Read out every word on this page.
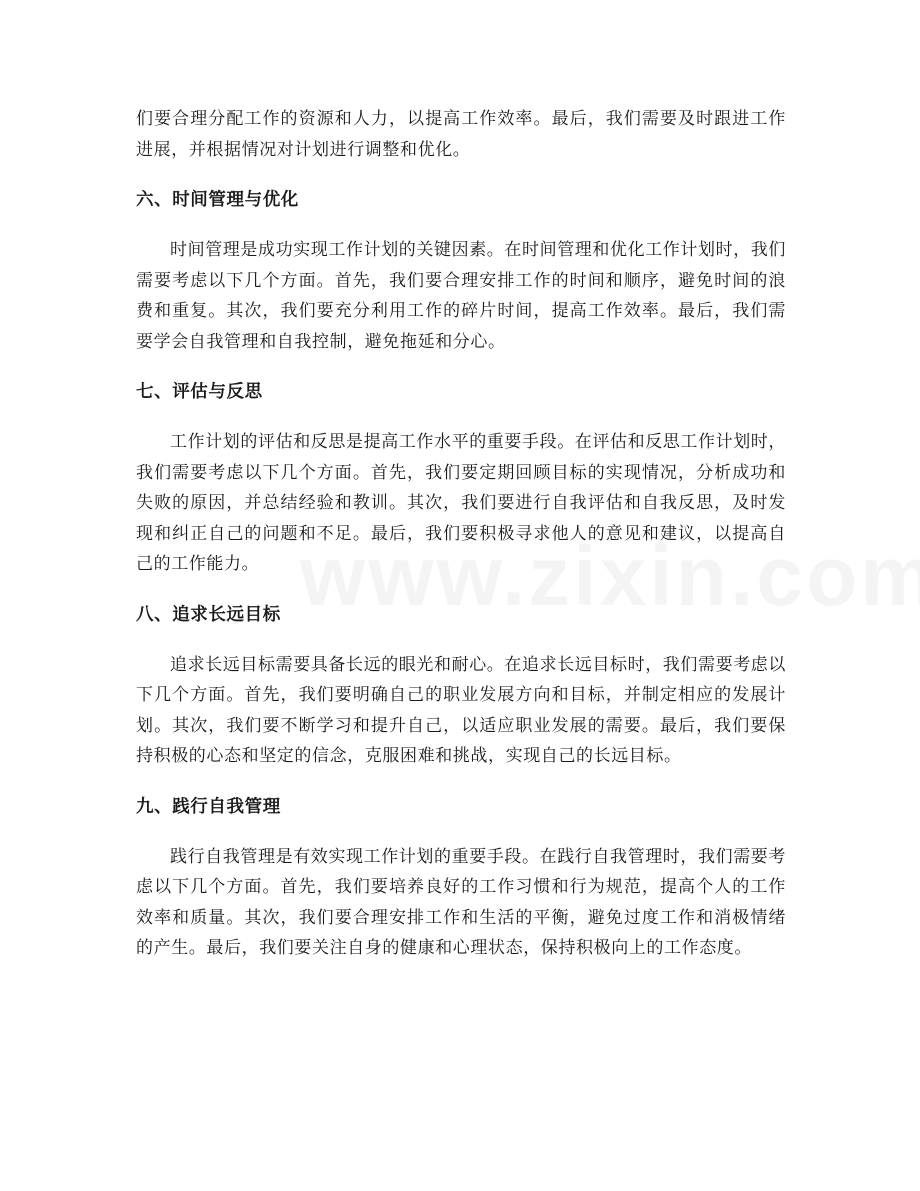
们要合理分配工作的资源和人力，以提高工作效率。最后，我们需要及时跟进工作进展，并根据情况对计划进行调整和优化。

六、时间管理与优化

时间管理是成功实现工作计划的关键因素。在时间管理和优化工作计划时，我们需要考虑以下几个方面。首先，我们要合理安排工作的时间和顺序，避免时间的浪费和重复。其次，我们要充分利用工作的碎片时间，提高工作效率。最后，我们需要学会自我管理和自我控制，避免拖延和分心。

七、评估与反思

工作计划的评估和反思是提高工作水平的重要手段。在评估和反思工作计划时，我们需要考虑以下几个方面。首先，我们要定期回顾目标的实现情况，分析成功和失败的原因，并总结经验和教训。其次，我们要进行自我评估和自我反思，及时发现和纠正自己的问题和不足。最后，我们要积极寻求他人的意见和建议，以提高自己的工作能力。

八、追求长远目标

追求长远目标需要具备长远的眼光和耐心。在追求长远目标时，我们需要考虑以下几个方面。首先，我们要明确自己的职业发展方向和目标，并制定相应的发展计划。其次，我们要不断学习和提升自己，以适应职业发展的需要。最后，我们要保持积极的心态和坚定的信念，克服困难和挑战，实现自己的长远目标。

九、践行自我管理

践行自我管理是有效实现工作计划的重要手段。在践行自我管理时，我们需要考虑以下几个方面。首先，我们要培养良好的工作习惯和行为规范，提高个人的工作效率和质量。其次，我们要合理安排工作和生活的平衡，避免过度工作和消极情绪的产生。最后，我们要关注自身的健康和心理状态，保持积极向上的工作态度。
